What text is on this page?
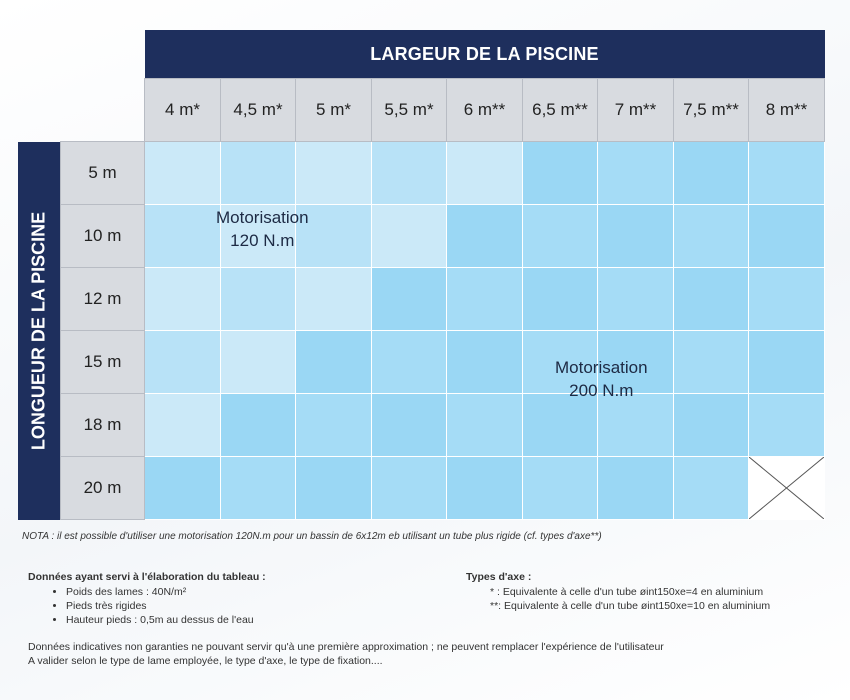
		LARGEUR DE LA PISCINE								
		4 m*	4,5 m*	5 m*	5,5 m*	6 m**	6,5 m**	7 m**	7,5 m**	8 m**

LONGUEUR DE LA PISCINE	5 m									
	10 m									
	12 m									
	15 m									
	18 m									
	20 m									
NOTA : il est possible d'utiliser une motorisation 120N.m pour un bassin de 6x12m eb utilisant un tube plus rigide (cf. types d'axe**)
Données ayant servi à l'élaboration du tableau :
• Poids des lames : 40N/m²
• Pieds très rigides
• Hauteur pieds : 0,5m au dessus de l'eau
Types d'axe :
* : Equivalente à celle d'un tube øint150xe=4 en aluminium
**: Equivalente à celle d'un tube øint150xe=10 en aluminium
Données indicatives non garanties ne pouvant servir qu'à une première approximation ; ne peuvent remplacer l'expérience de l'utilisateur
A valider selon le type de lame employée, le type d'axe, le type de fixation....
Motorisation
120 N.m
Motorisation
200 N.m
